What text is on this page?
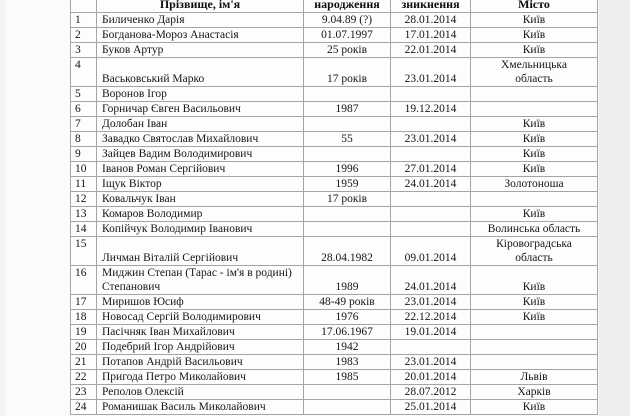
	Прізвище, ім'я	народження	зникнення	Місто
1	Биличенко Дарія	9.04.89 (?)	28.01.2014	Київ
2	Богданова-Мороз Анастасія	01.07.1997	17.01.2014	Київ
3	Буков Артур	25 років	22.01.2014	Київ
4	Васьковський Марко	17 років	23.01.2014	Хмельницька область
5	Воронов Ігор			
6	Горничар Євген Васильович	1987	19.12.2014	
7	Долобан Іван			Київ
8	Завадко Святослав Михайлович	55	23.01.2014	Київ
9	Зайцев Вадим Володимирович			Київ
10	Іванов Роман Сергійович	1996	27.01.2014	Київ
11	Іщук Віктор	1959	24.01.2014	Золотоноша
12	Ковальчук Іван	17 років		
13	Комаров Володимир			Київ
14	Копійчук Володимир Іванович			Волинська область
15	Личман Віталій Сергійович	28.04.1982	09.01.2014	Кіровоградська область
16	Миджин Степан (Тарас - ім'я в родині) Степанович	1989	24.01.2014	Київ
17	Миришов Юсиф	48-49 років	23.01.2014	Київ
18	Новосад Сергій Володимирович	1976	22.12.2014	Київ
19	Пасічняк Іван Михайлович	17.06.1967	19.01.2014	
20	Подебрий Ігор Андрійович	1942		
21	Потапов Андрій Васильович	1983	23.01.2014	
22	Пригода Петро Миколайович	1985	20.01.2014	Львів
23	Реполов Олексій		28.07.2012	Харків
24	Романишак Василь Миколайович		25.01.2014	Київ
